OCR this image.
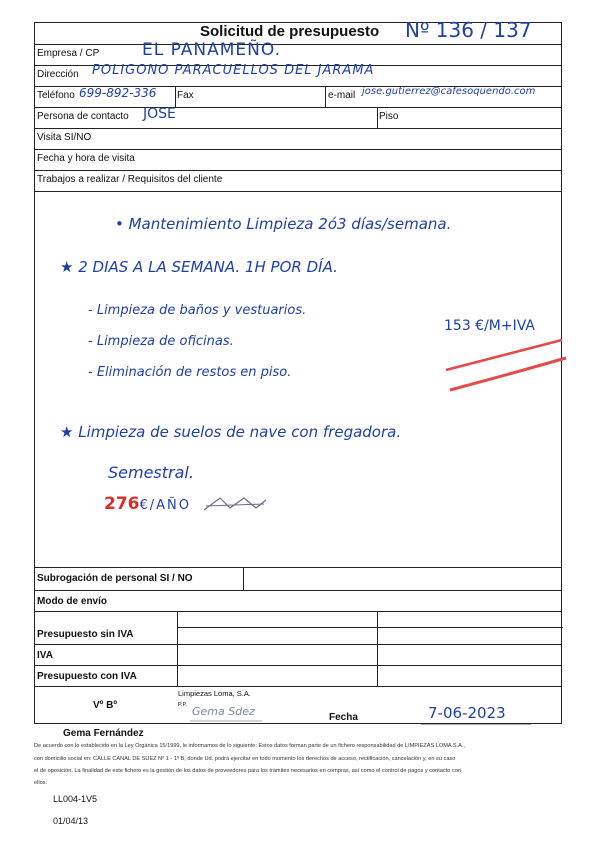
Solicitud de presupuesto Nº 136 / 137
Empresa / CP	EL PANAMEÑO.
Dirección POLIGONO PARACUELLOS DEL JARAMA
Teléfono 699-892-336 Fax	e-mail jose.gutierrez@cafesoquendo.com
Persona de contacto JOSE	Piso
Visita SI/NO
Fecha y hora de visita
Trabajos a realizar / Requisitos del cliente
• Mantenimiento Limpieza 2ó3 días/semana.
★ 2 DIAS A LA SEMANA. 1H POR DÍA.
- Limpieza de baños y vestuarios.
- Limpieza de oficinas.
- Eliminación de restos en piso.
153 €/M+IVA
★ Limpieza de suelos de nave con fregadora.
Semestral.
276€/AÑO
Subrogación de personal SI / NO
Modo de envío
Presupuesto sin IVA
IVA
Presupuesto con IVA
Vº Bº
Limpiezas Loma, S.A.
P.P. Gema Sdez	Fecha	7-06-2023
Gema Fernández
De acuerdo con lo establecido en la Ley Orgánica 15/1999, le informamos de lo siguiente: Estos datos forman parte de un fichero responsabilidad de LIMPIEZAS LOMA S.A.,
con domicilio social en: CALLE CANAL DE SUEZ Nº 1 - 1º B, donde Ud. podrá ejercitar en todo momento los derechos de acceso, rectificación, cancelación y, en su caso
el de oposición. La finalidad de este fichero es la gestión de los datos de proveedores para los trámites necesarios en compras, así como el control de pagos y contacto con
ellos.
LL004-1V5
01/04/13
